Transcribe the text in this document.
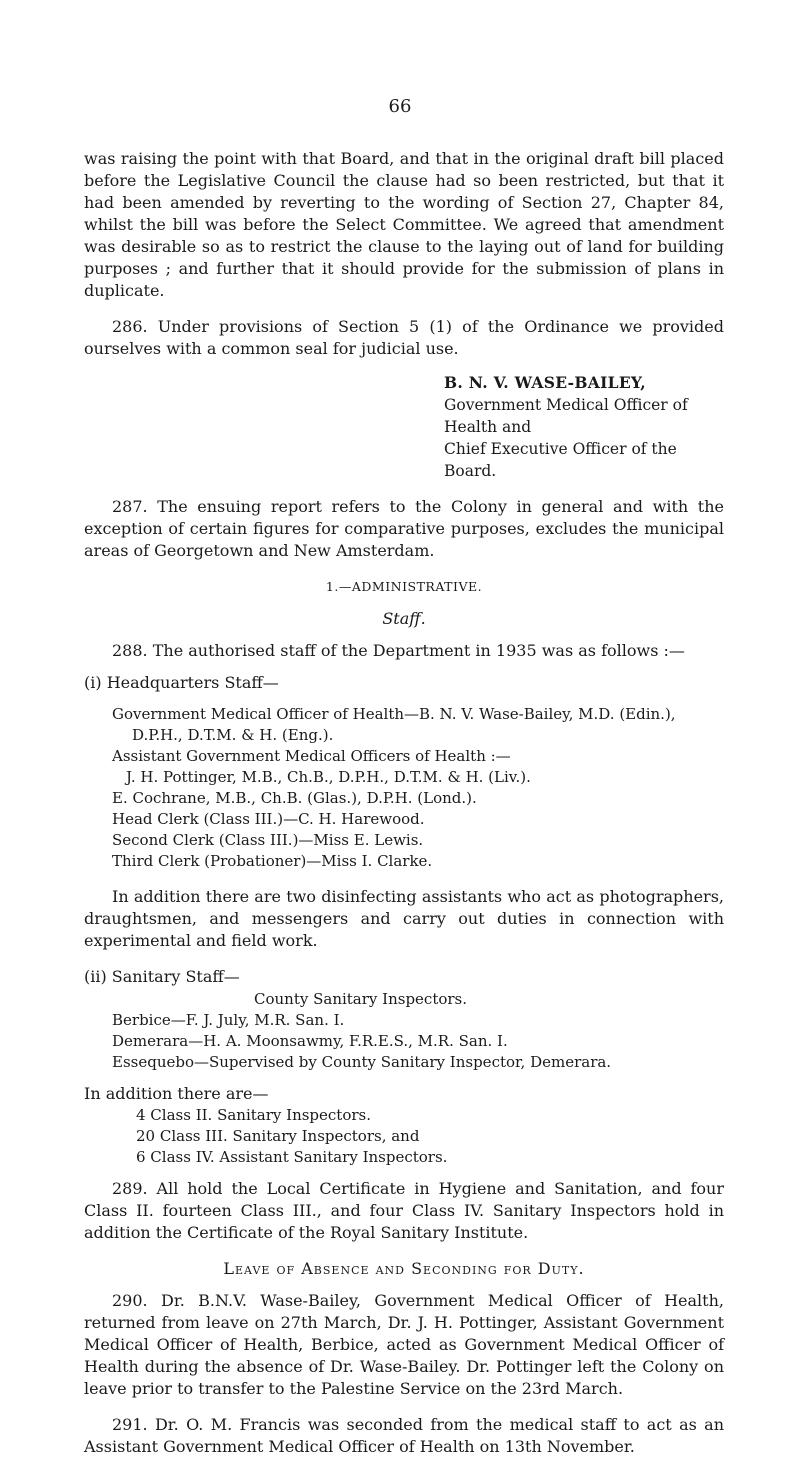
66

was raising the point with that Board, and that in the original draft bill placed before the Legislative Council the clause had so been restricted, but that it had been amended by reverting to the wording of Section 27, Chapter 84, whilst the bill was before the Select Committee. We agreed that amendment was desirable so as to restrict the clause to the laying out of land for building purposes ; and further that it should provide for the submission of plans in duplicate.

286. Under provisions of Section 5 (1) of the Ordinance we provided ourselves with a common seal for judicial use.

B. N. V. WASE-BAILEY,
Government Medical Officer of Health and
Chief Executive Officer of the Board.

287. The ensuing report refers to the Colony in general and with the exception of certain figures for comparative purposes, excludes the municipal areas of Georgetown and New Amsterdam.

1.—ADMINISTRATIVE.

Staff.

288. The authorised staff of the Department in 1935 was as follows :—

(i) Headquarters Staff—

Government Medical Officer of Health—B. N. V. Wase-Bailey, M.D. (Edin.), D.P.H., D.T.M. & H. (Eng.).
Assistant Government Medical Officers of Health :—
J. H. Pottinger, M.B., Ch.B., D.P.H., D.T.M. & H. (Liv.).
E. Cochrane, M.B., Ch.B. (Glas.), D.P.H. (Lond.).
Head Clerk (Class III.)—C. H. Harewood.
Second Clerk (Class III.)—Miss E. Lewis.
Third Clerk (Probationer)—Miss I. Clarke.

In addition there are two disinfecting assistants who act as photographers, draughtsmen, and messengers and carry out duties in connection with experimental and field work.

(ii) Sanitary Staff—

County Sanitary Inspectors.
Berbice—F. J. July, M.R. San. I.
Demerara—H. A. Moonsawmy, F.R.E.S., M.R. San. I.
Essequebo—Supervised by County Sanitary Inspector, Demerara.

In addition there are—

4 Class II. Sanitary Inspectors.
20 Class III. Sanitary Inspectors, and
6 Class IV. Assistant Sanitary Inspectors.

289. All hold the Local Certificate in Hygiene and Sanitation, and four Class II. fourteen Class III., and four Class IV. Sanitary Inspectors hold in addition the Certificate of the Royal Sanitary Institute.

Leave of Absence and Seconding for Duty.

290. Dr. B.N.V. Wase-Bailey, Government Medical Officer of Health, returned from leave on 27th March, Dr. J. H. Pottinger, Assistant Government Medical Officer of Health, Berbice, acted as Government Medical Officer of Health during the absence of Dr. Wase-Bailey. Dr. Pottinger left the Colony on leave prior to transfer to the Palestine Service on the 23rd March.

291. Dr. O. M. Francis was seconded from the medical staff to act as an Assistant Government Medical Officer of Health on 13th November.
